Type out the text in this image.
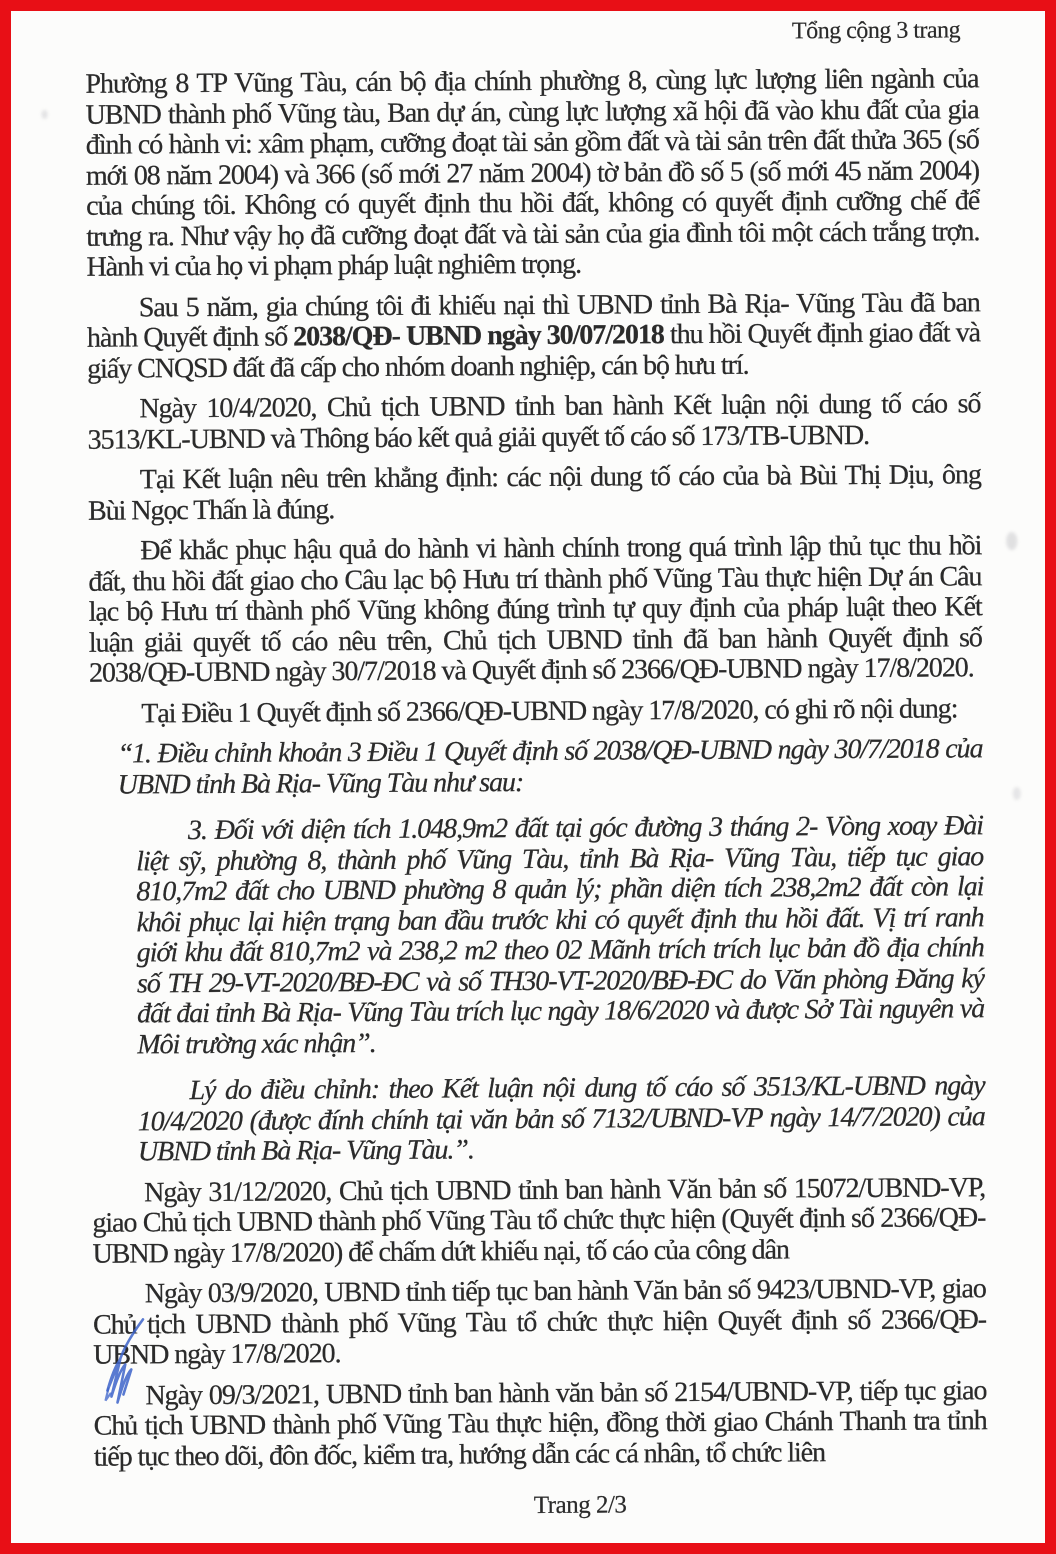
Tổng cộng 3 trang

Phường 8 TP Vũng Tàu, cán bộ địa chính phường 8, cùng lực lượng liên ngành của UBND thành phố Vũng tàu, Ban dự án, cùng lực lượng xã hội đã vào khu đất của gia đình có hành vi: xâm phạm, cưỡng đoạt tài sản gồm đất và tài sản trên đất thửa 365 (số mới 08 năm 2004) và 366 (số mới 27 năm 2004) tờ bản đồ số 5 (số mới 45 năm 2004) của chúng tôi. Không có quyết định thu hồi đất, không có quyết định cưỡng chế để trưng ra. Như vậy họ đã cưỡng đoạt đất và tài sản của gia đình tôi một cách trắng trợn. Hành vi của họ vi phạm pháp luật nghiêm trọng.

Sau 5 năm, gia chúng tôi đi khiếu nại thì UBND tỉnh Bà Rịa- Vũng Tàu đã ban hành Quyết định số 2038/QĐ- UBND ngày 30/07/2018 thu hồi Quyết định giao đất và giấy CNQSD đất đã cấp cho nhóm doanh nghiệp, cán bộ hưu trí.

Ngày 10/4/2020, Chủ tịch UBND tỉnh ban hành Kết luận nội dung tố cáo số 3513/KL-UBND và Thông báo kết quả giải quyết tố cáo số 173/TB-UBND.

Tại Kết luận nêu trên khẳng định: các nội dung tố cáo của bà Bùi Thị Dịu, ông Bùi Ngọc Thấn là đúng.

Để khắc phục hậu quả do hành vi hành chính trong quá trình lập thủ tục thu hồi đất, thu hồi đất giao cho Câu lạc bộ Hưu trí thành phố Vũng Tàu thực hiện Dự án Câu lạc bộ Hưu trí thành phố Vũng không đúng trình tự quy định của pháp luật theo Kết luận giải quyết tố cáo nêu trên, Chủ tịch UBND tỉnh đã ban hành Quyết định số 2038/QĐ-UBND ngày 30/7/2018 và Quyết định số 2366/QĐ-UBND ngày 17/8/2020.

Tại Điều 1 Quyết định số 2366/QĐ-UBND ngày 17/8/2020, có ghi rõ nội dung:

“1. Điều chỉnh khoản 3 Điều 1 Quyết định số 2038/QĐ-UBND ngày 30/7/2018 của UBND tỉnh Bà Rịa- Vũng Tàu như sau:

3. Đối với diện tích 1.048,9m2 đất tại góc đường 3 tháng 2- Vòng xoay Đài liệt sỹ, phường 8, thành phố Vũng Tàu, tỉnh Bà Rịa- Vũng Tàu, tiếp tục giao 810,7m2 đất cho UBND phường 8 quản lý; phần diện tích 238,2m2 đất còn lại khôi phục lại hiện trạng ban đầu trước khi có quyết định thu hồi đất. Vị trí ranh giới khu đất 810,7m2 và 238,2 m2 theo 02 Mãnh trích trích lục bản đồ địa chính số TH 29-VT-2020/BĐ-ĐC và số TH30-VT-2020/BĐ-ĐC do Văn phòng Đăng ký đất đai tỉnh Bà Rịa- Vũng Tàu trích lục ngày 18/6/2020 và được Sở Tài nguyên và Môi trường xác nhận”.

Lý do điều chỉnh: theo Kết luận nội dung tố cáo số 3513/KL-UBND ngày 10/4/2020 (được đính chính tại văn bản số 7132/UBND-VP ngày 14/7/2020) của UBND tỉnh Bà Rịa- Vũng Tàu.”.

Ngày 31/12/2020, Chủ tịch UBND tỉnh ban hành Văn bản số 15072/UBND-VP, giao Chủ tịch UBND thành phố Vũng Tàu tổ chức thực hiện (Quyết định số 2366/QĐ-UBND ngày 17/8/2020) để chấm dứt khiếu nại, tố cáo của công dân

Ngày 03/9/2020, UBND tỉnh tiếp tục ban hành Văn bản số 9423/UBND-VP, giao Chủ tịch UBND thành phố Vũng Tàu tổ chức thực hiện Quyết định số 2366/QĐ-UBND ngày 17/8/2020.

Ngày 09/3/2021, UBND tỉnh ban hành văn bản số 2154/UBND-VP, tiếp tục giao Chủ tịch UBND thành phố Vũng Tàu thực hiện, đồng thời giao Chánh Thanh tra tỉnh tiếp tục theo dõi, đôn đốc, kiểm tra, hướng dẫn các cá nhân, tổ chức liên

Trang 2/3
